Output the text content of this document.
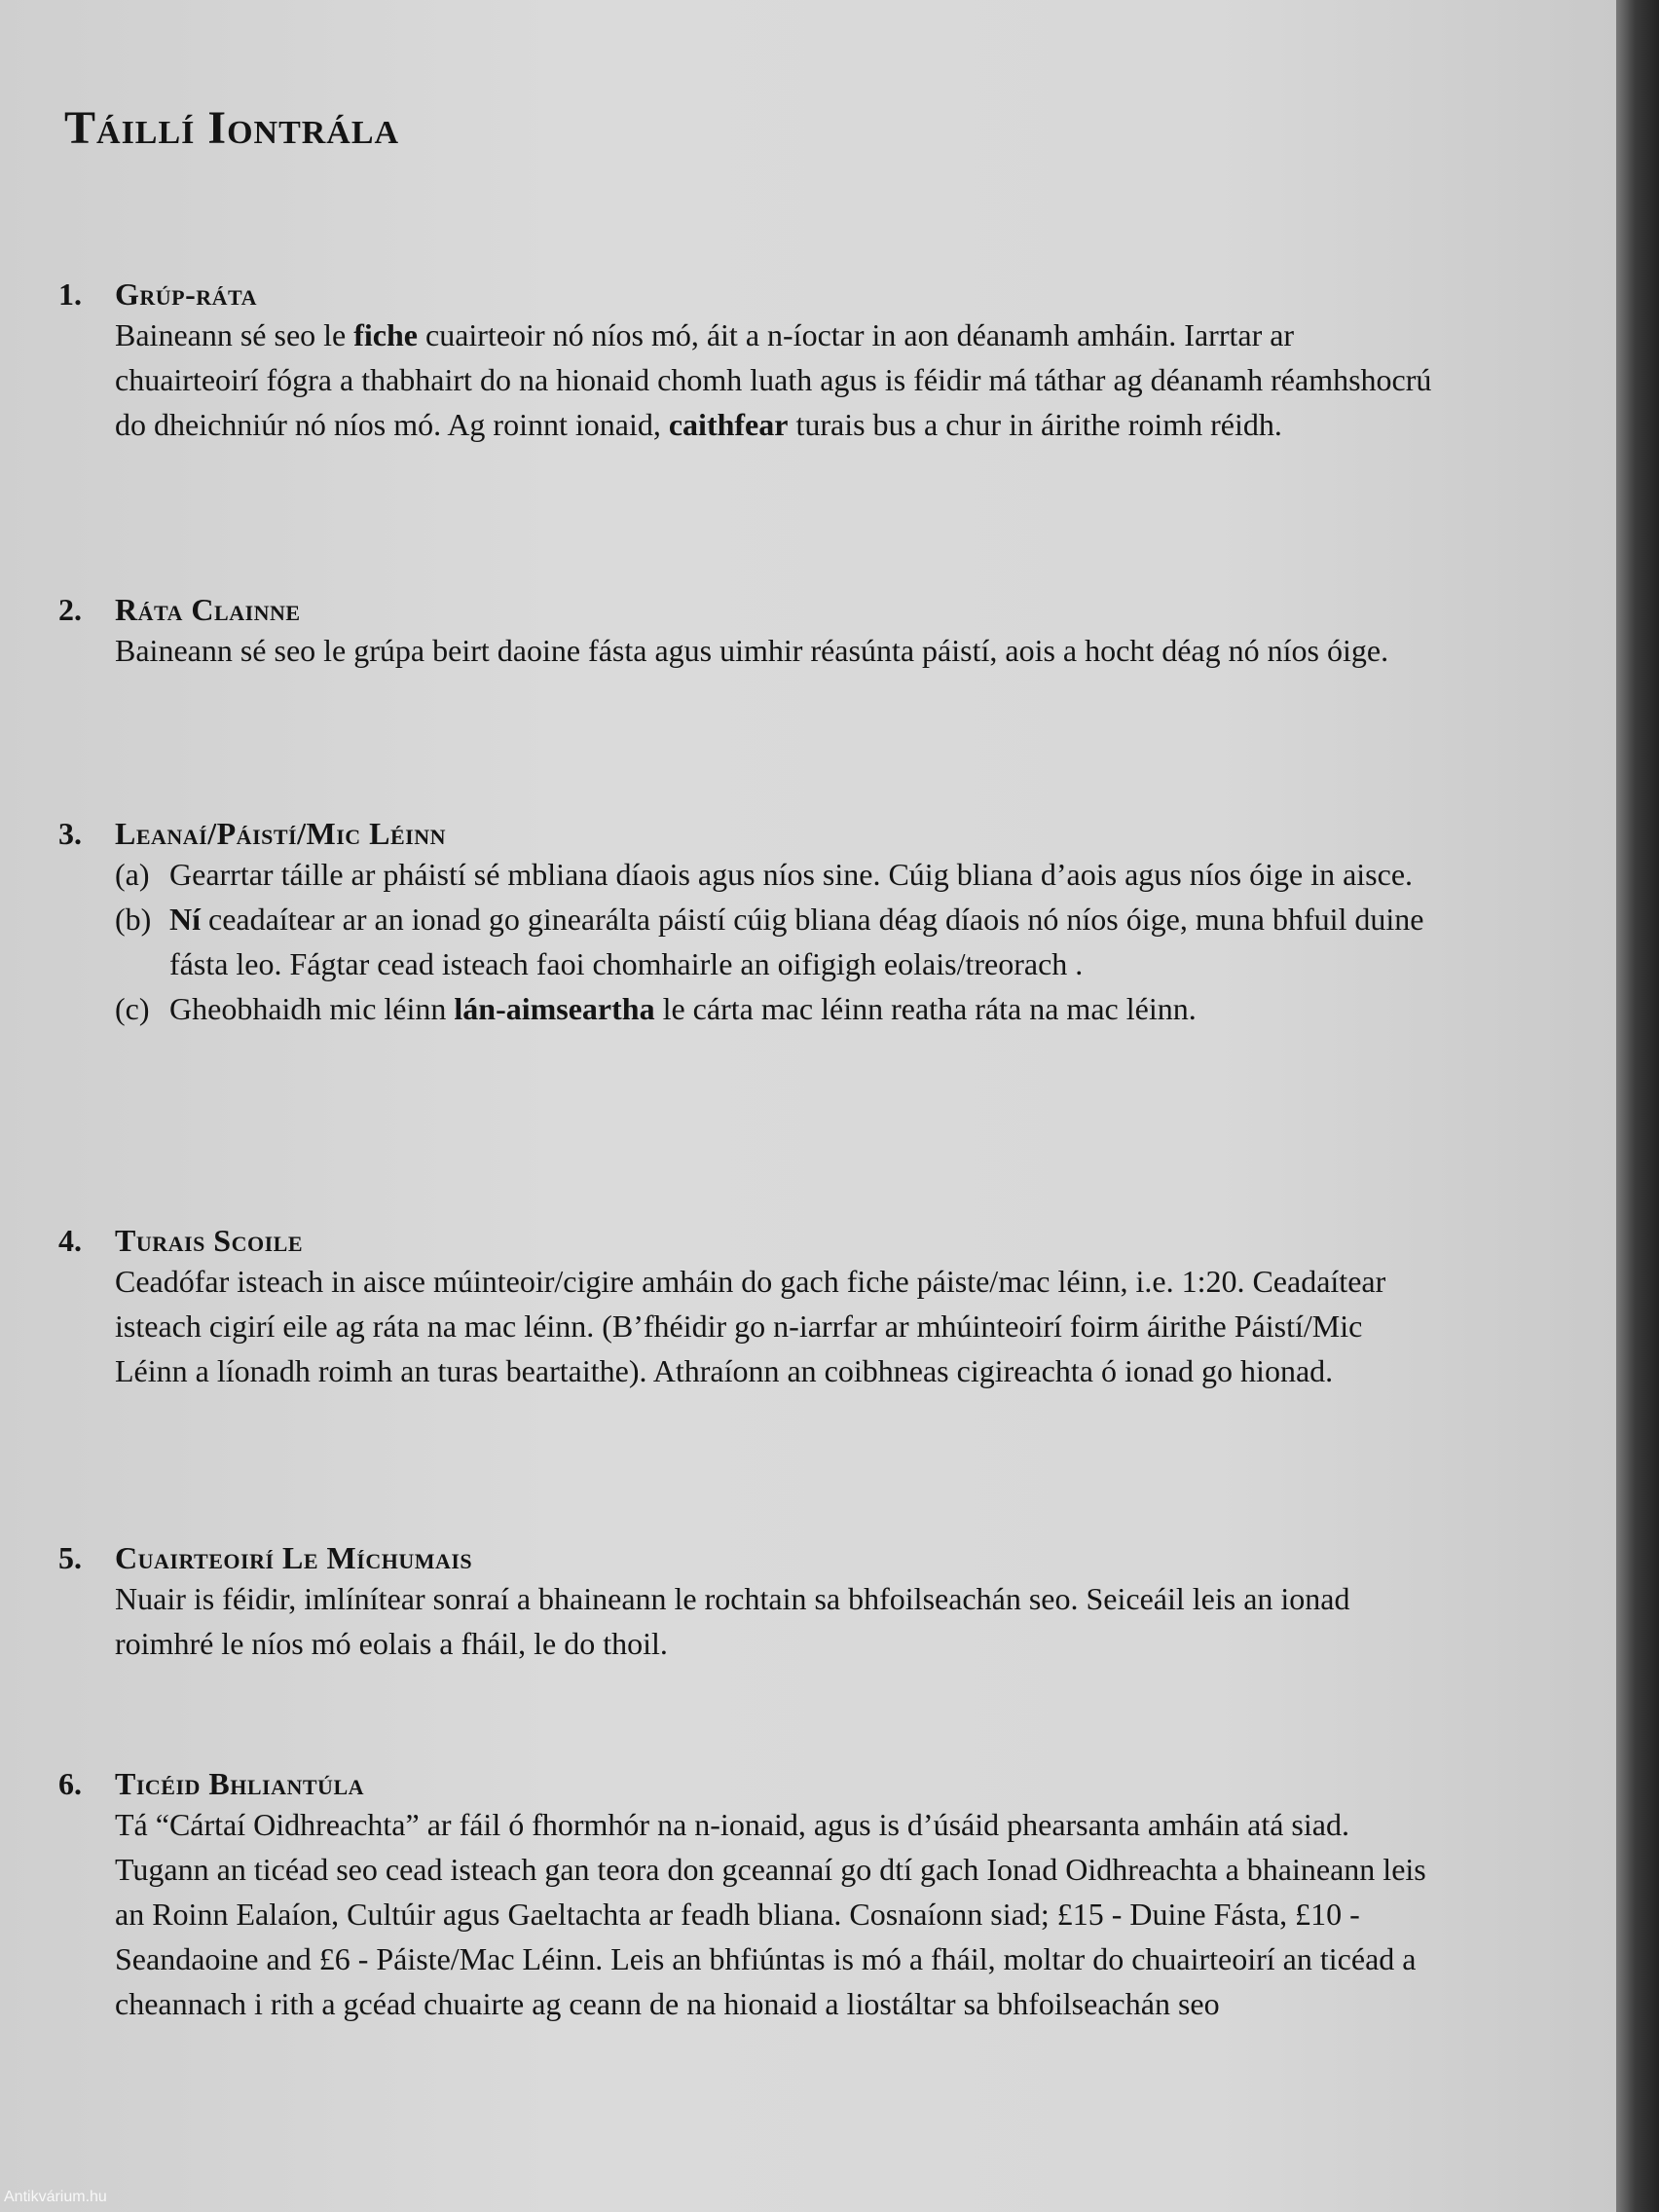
Táillí Iontrála
1.	Grúp-ráta

Baineann sé seo le fiche cuairteoir nó níos mó, áit a n-íoctar in aon déanamh amháin. Iarrtar ar chuairteoirí fógra a thabhairt do na hionaid chomh luath agus is féidir má táthar ag déanamh réamhshocrú do dheichniúr nó níos mó. Ag roinnt ionaid, caithfear turais bus a chur in áirithe roimh réidh.

2.	Ráta Clainne

Baineann sé seo le grúpa beirt daoine fásta agus uimhir réasúnta páistí, aois a hocht déag nó níos óige.

3.	Leanaí/Páistí/Mic Léinn
(a) Gearrtar táille ar pháistí sé mbliana díaois agus níos sine. Cúig bliana d’aois agus níos óige in aisce.
(b) Ní ceadaítear ar an ionad go ginearálta páistí cúig bliana déag díaois nó níos óige, muna bhfuil duine fásta leo. Fágtar cead isteach faoi chomhairle an oifigigh eolais/treorach .
(c) Gheobhaidh mic léinn lán-aimseartha le cárta mac léinn reatha ráta na mac léinn.
4.	Turais Scoile

Ceadófar isteach in aisce múinteoir/cigire amháin do gach fiche páiste/mac léinn, i.e. 1:20. Ceadaítear isteach cigirí eile ag ráta na mac léinn. (B’fhéidir go n-iarrfar ar mhúinteoirí foirm áirithe Páistí/Mic Léinn a líonadh roimh an turas beartaithe). Athraíonn an coibhneas cigireachta ó ionad go hionad.

5.	Cuairteoirí Le Míchumais

Nuair is féidir, imlínítear sonraí a bhaineann le rochtain sa bhfoilseachán seo. Seiceáil leis an ionad roimhré le níos mó eolais a fháil, le do thoil.

6.	Ticéid Bhliantúla

Tá “Cártaí Oidhreachta” ar fáil ó fhormhór na n-ionaid, agus is d’úsáid phearsanta amháin atá siad. Tugann an ticéad seo cead isteach gan teora don gceannaí go dtí gach Ionad Oidhreachta a bhaineann leis an Roinn Ealaíon, Cultúir agus Gaeltachta ar feadh bliana. Cosnaíonn siad; £15 - Duine Fásta, £10 - Seandaoine and £6 - Páiste/Mac Léinn. Leis an bhfiúntas is mó a fháil, moltar do chuairteoirí an ticéad a cheannach i rith a gcéad chuairte ag ceann de na hionaid a liostáltar sa bhfoilseachán seo

Antikvárium.hu
